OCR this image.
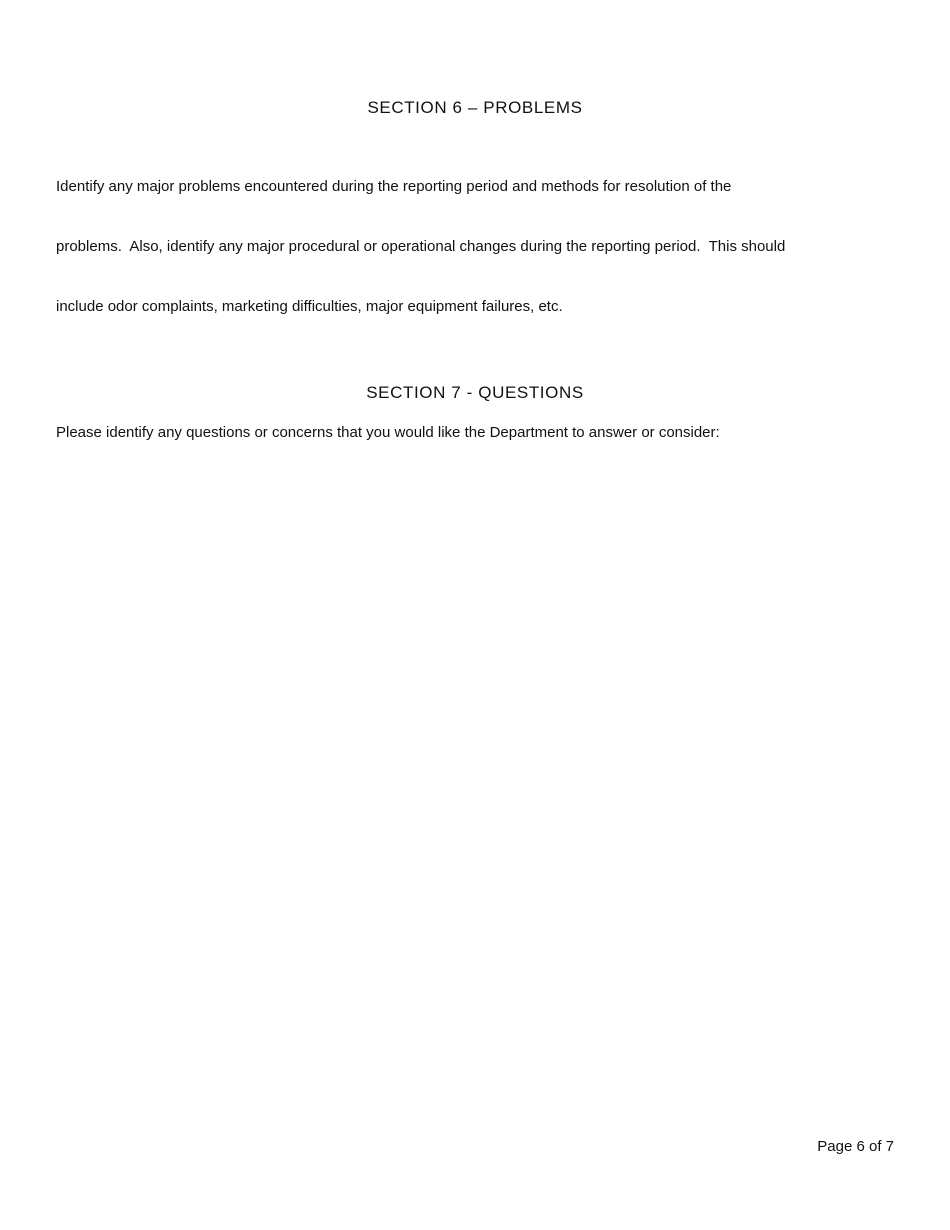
SECTION 6 – PROBLEMS

Identify any major problems encountered during the reporting period and methods for resolution of the

problems.  Also, identify any major procedural or operational changes during the reporting period.  This should

include odor complaints, marketing difficulties, major equipment failures, etc.

SECTION 7 - QUESTIONS
Please identify any questions or concerns that you would like the Department to answer or consider:
Page 6 of 7
